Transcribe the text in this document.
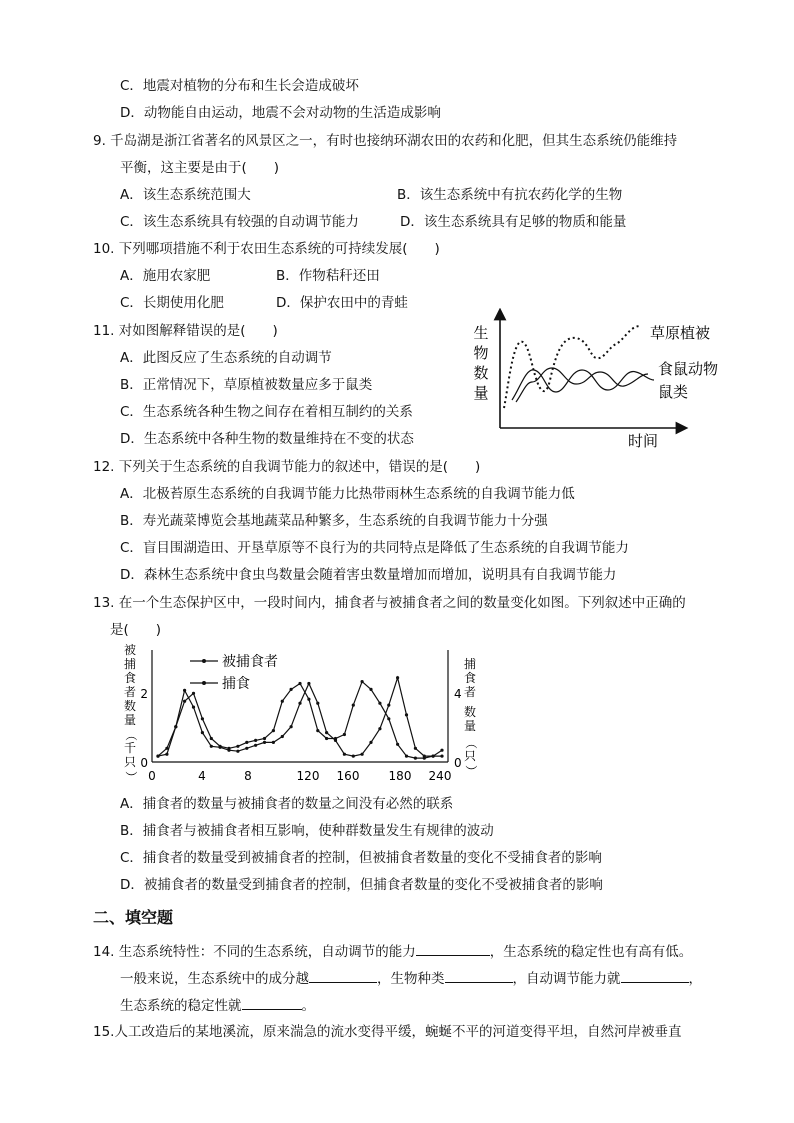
C．地震对植物的分布和生长会造成破坏
D．动物能自由运动，地震不会对动物的生活造成影响
9. 千岛湖是浙江省著名的风景区之一，有时也接纳环湖农田的农药和化肥，但其生态系统仍能维持
平衡，这主要是由于(　　)
A．该生态系统范围大	B．该生态系统中有抗农药化学的生物
C．该生态系统具有较强的自动调节能力	D．该生态系统具有足够的物质和能量
10. 下列哪项措施不利于农田生态系统的可持续发展(　　)
A．施用农家肥	B．作物秸秆还田
C．长期使用化肥	D．保护农田中的青蛙
11. 对如图解释错误的是(　　)
A．此图反应了生态系统的自动调节
B．正常情况下，草原植被数量应多于鼠类
C．生态系统各种生物之间存在着相互制约的关系
D．生态系统中各种生物的数量维持在不变的状态
生
物
数
量
时间
草原植被
食鼠动物
鼠类
12. 下列关于生态系统的自我调节能力的叙述中，错误的是(　　)
A．北极苔原生态系统的自我调节能力比热带雨林生态系统的自我调节能力低
B．寿光蔬菜博览会基地蔬菜品种繁多，生态系统的自我调节能力十分强
C．盲目围湖造田、开垦草原等不良行为的共同特点是降低了生态系统的自我调节能力
D．森林生态系统中食虫鸟数量会随着害虫数量增加而增加，说明具有自我调节能力
13. 在一个生态保护区中，一段时间内，捕食者与被捕食者之间的数量变化如图。下列叙述中正确的
是(　　)
被
捕
食
者
数
量
（
千
只
）
捕
食
者
数
量
（
只
）
2
0
4
0
0	4	8	120 160 180 240
被捕食者
捕食
A．捕食者的数量与被捕食者的数量之间没有必然的联系
B．捕食者与被捕食者相互影响，使种群数量发生有规律的波动
C．捕食者的数量受到被捕食者的控制，但被捕食者数量的变化不受捕食者的影响
D．被捕食者的数量受到捕食者的控制，但捕食者数量的变化不受被捕食者的影响
二、填空题
14. 生态系统特性：不同的生态系统，自动调节的能力	，生态系统的稳定性也有高有低。
一般来说，生态系统中的成分越	，生物种类	，自动调节能力就	，
生态系统的稳定性就	。
15.人工改造后的某地溪流，原来湍急的流水变得平缓，蜿蜒不平的河道变得平坦，自然河岸被垂直
